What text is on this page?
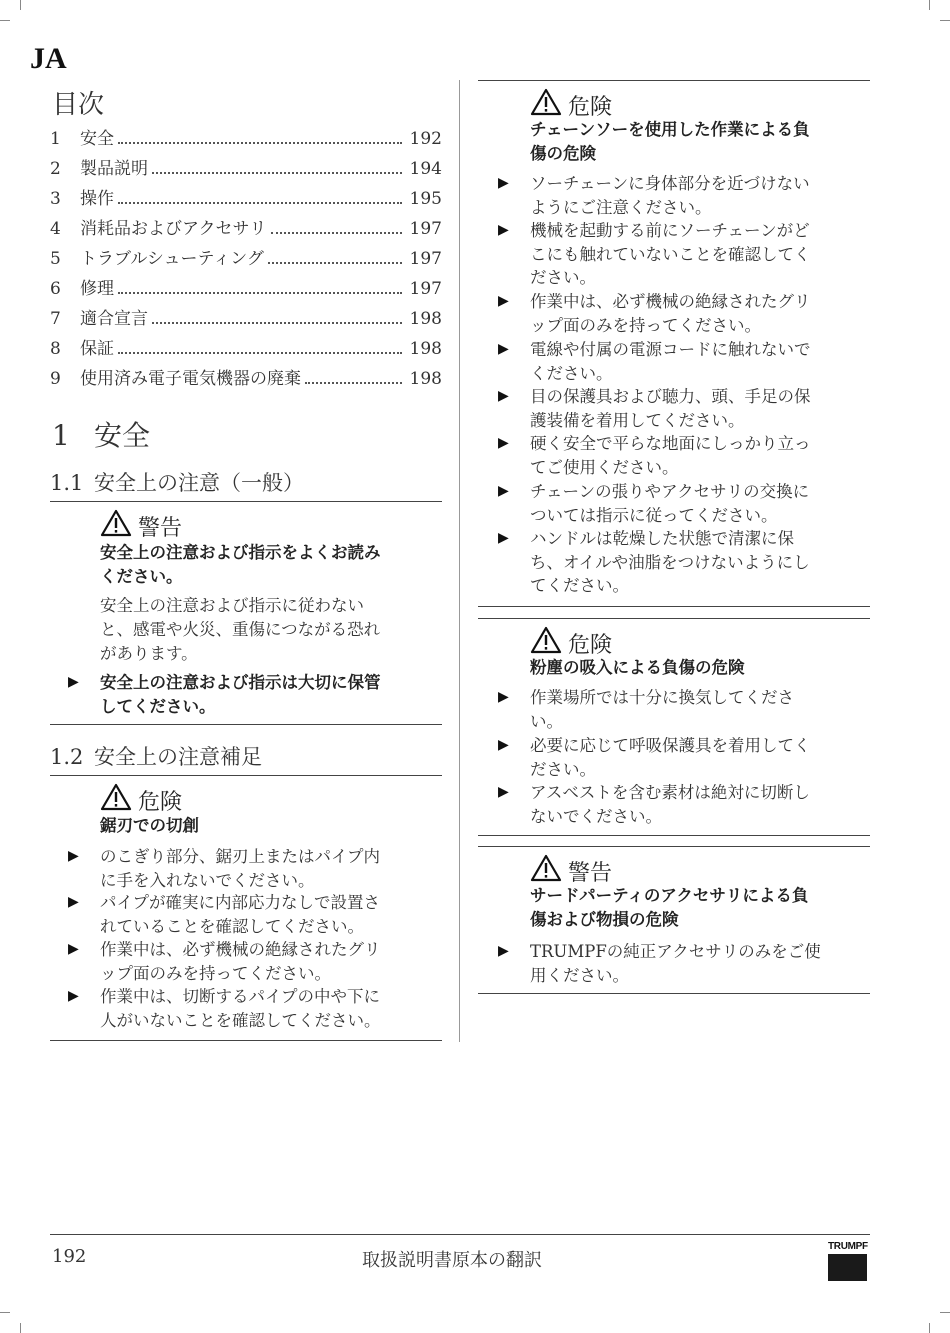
JA
目次
1	安全	192
2	製品説明	194
3	操作	195
4	消耗品およびアクセサリ	197
5	トラブルシューティング	197
6	修理	197
7	適合宣言	198
8	保証	198
9	使用済み電子電気機器の廃棄	198
1 安全
1.1 安全上の注意（一般）
1.2 安全上の注意補足
警告
安全上の注意および指示をよくお読み
ください。
安全上の注意および指示に従わない
と、感電や火災、重傷につながる恐れ
があります。
▶ 安全上の注意および指示は大切に保管
してください。
危険
鋸刃での切創
▶ のこぎり部分、鋸刃上またはパイプ内
に手を入れないでください。
▶ パイプが確実に内部応力なしで設置さ
れていることを確認してください。
▶ 作業中は、必ず機械の絶縁されたグリ
ップ面のみを持ってください。
▶ 作業中は、切断するパイプの中や下に
人がいないことを確認してください。
危険
チェーンソーを使用した作業による負
傷の危険
▶ ソーチェーンに身体部分を近づけない
ようにご注意ください。
▶ 機械を起動する前にソーチェーンがど
こにも触れていないことを確認してく
ださい。
▶ 作業中は、必ず機械の絶縁されたグリ
ップ面のみを持ってください。
▶ 電線や付属の電源コードに触れないで
ください。
▶ 目の保護具および聴力、頭、手足の保
護装備を着用してください。
▶ 硬く安全で平らな地面にしっかり立っ
てご使用ください。
▶ チェーンの張りやアクセサリの交換に
ついては指示に従ってください。
▶ ハンドルは乾燥した状態で清潔に保
ち、オイルや油脂をつけないようにし
てください。
危険
粉塵の吸入による負傷の危険
▶ 作業場所では十分に換気してくださ
い。
▶ 必要に応じて呼吸保護具を着用してく
ださい。
▶ アスベストを含む素材は絶対に切断し
ないでください。
警告
サードパーティのアクセサリによる負
傷および物損の危険
▶ TRUMPFの純正アクセサリのみをご使
用ください。
192	取扱説明書原本の翻訳
TRUMPF
